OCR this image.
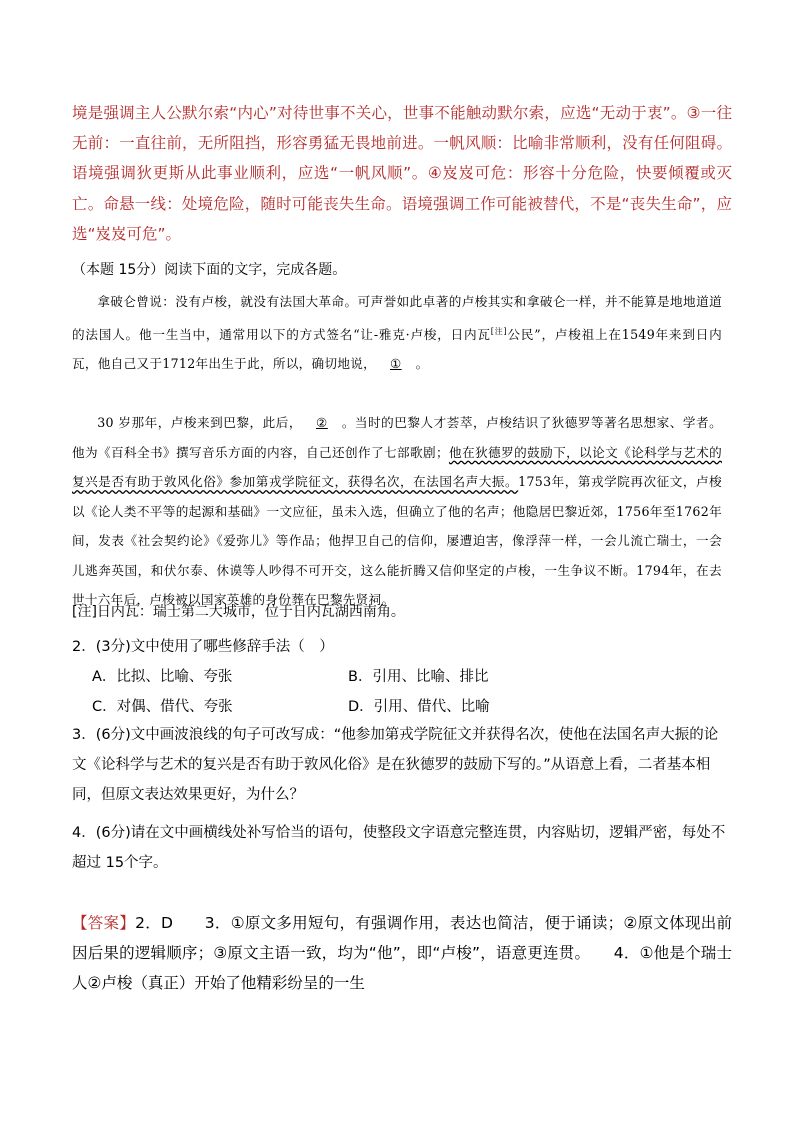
境是强调主人公默尔索“内心”对待世事不关心，世事不能触动默尔索，应选“无动于衷”。③一往无前：一直往前，无所阻挡，形容勇猛无畏地前进。一帆风顺：比喻非常顺利，没有任何阻碍。语境强调狄更斯从此事业顺利，应选“一帆风顺”。④岌岌可危：形容十分危险，快要倾覆或灭亡。命悬一线：处境危险，随时可能丧失生命。语境强调工作可能被替代，不是“丧失生命”，应选“岌岌可危”。
（本题 15分）阅读下面的文字，完成各题。
拿破仑曾说：没有卢梭，就没有法国大革命。可声誉如此卓著的卢梭其实和拿破仑一样，并不能算是地地道道的法国人。他一生当中，通常用以下的方式签名“让-雅克·卢梭，日内瓦[注]公民”，卢梭祖上在1549年来到日内瓦，他自己又于1712年出生于此，所以，确切地说， ① 。
30 岁那年，卢梭来到巴黎，此后， ② 。当时的巴黎人才荟萃，卢梭结识了狄德罗等著名思想家、学者。他为《百科全书》撰写音乐方面的内容，自己还创作了七部歌剧；他在狄德罗的鼓励下，以论文《论科学与艺术的复兴是否有助于敦风化俗》参加第戎学院征文，获得名次，在法国名声大振。1753年，第戎学院再次征文，卢梭以《论人类不平等的起源和基础》一文应征，虽未入选，但确立了他的名声；他隐居巴黎近郊，1756年至1762年间，发表《社会契约论》《爱弥儿》等作品；他捍卫自己的信仰，屡遭迫害，像浮萍一样，一会儿流亡瑞士，一会儿逃奔英国，和伏尔泰、休谟等人吵得不可开交，这么能折腾又信仰坚定的卢梭，一生争议不断。1794年，在去世十六年后，卢梭被以国家英雄的身份葬在巴黎先贤祠。
[注]日内瓦：瑞士第二大城市，位于日内瓦湖西南角。
2．(3分)文中使用了哪些修辞手法（　）
A．比拟、比喻、夸张	B．引用、比喻、排比
C．对偶、借代、夸张	D．引用、借代、比喻
3．(6分)文中画波浪线的句子可改写成：“他参加第戎学院征文并获得名次，使他在法国名声大振的论文《论科学与艺术的复兴是否有助于敦风化俗》是在狄德罗的鼓励下写的。”从语意上看，二者基本相同，但原文表达效果更好，为什么？
4．(6分)请在文中画横线处补写恰当的语句，使整段文字语意完整连贯，内容贴切，逻辑严密，每处不超过 15个字。
【答案】2．D　　3．①原文多用短句，有强调作用，表达也简洁，便于诵读；②原文体现出前因后果的逻辑顺序；③原文主语一致，均为“他”，即“卢梭”，语意更连贯。　　4．①他是个瑞士人②卢梭（真正）开始了他精彩纷呈的一生
